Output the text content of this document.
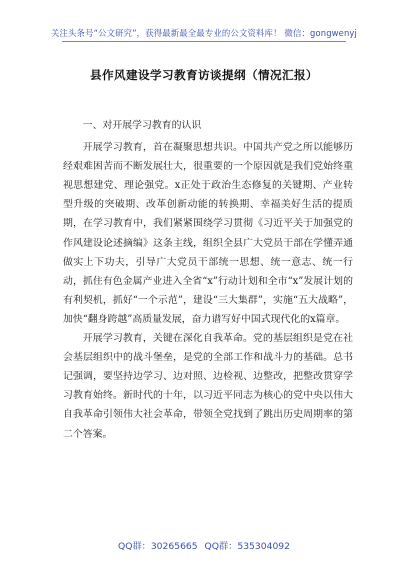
关注头条号“公文研究”，获得最新最全最专业的公文资料库！ 微信：gongwenyj
县作风建设学习教育访谈提纲（情况汇报）

一、对开展学习教育的认识

开展学习教育，首在凝聚思想共识。中国共产党之所以能够历经艰难困苦而不断发展壮大，很重要的一个原因就是我们党始终重视思想建党、理论强党。x正处于政治生态修复的关键期、产业转型升级的突破期、改革创新动能的转换期、幸福美好生活的提质期，在学习教育中，我们紧紧围绕学习贯彻《习近平关于加强党的作风建设论述摘编》这条主线，组织全县广大党员干部在学懂弄通做实上下功夫，引导广大党员干部统一思想、统一意志、统一行动，抓住有色金属产业进入全省“x”行动计划和全市“x”发展计划的有利契机，抓好“一个示范”，建设“三大集群”，实施“五大战略”，加快“翻身跨越”高质量发展，奋力谱写好中国式现代化的x篇章。

开展学习教育，关键在深化自我革命。党的基层组织是党在社会基层组织中的战斗堡垒，是党的全部工作和战斗力的基础。总书记强调，要坚持边学习、边对照、边检视、边整改，把整改贯穿学习教育始终。新时代的十年，以习近平同志为核心的党中央以伟大自我革命引领伟大社会革命，带领全党找到了跳出历史周期率的第二个答案。

QQ群：30265665 QQ群：535304092
